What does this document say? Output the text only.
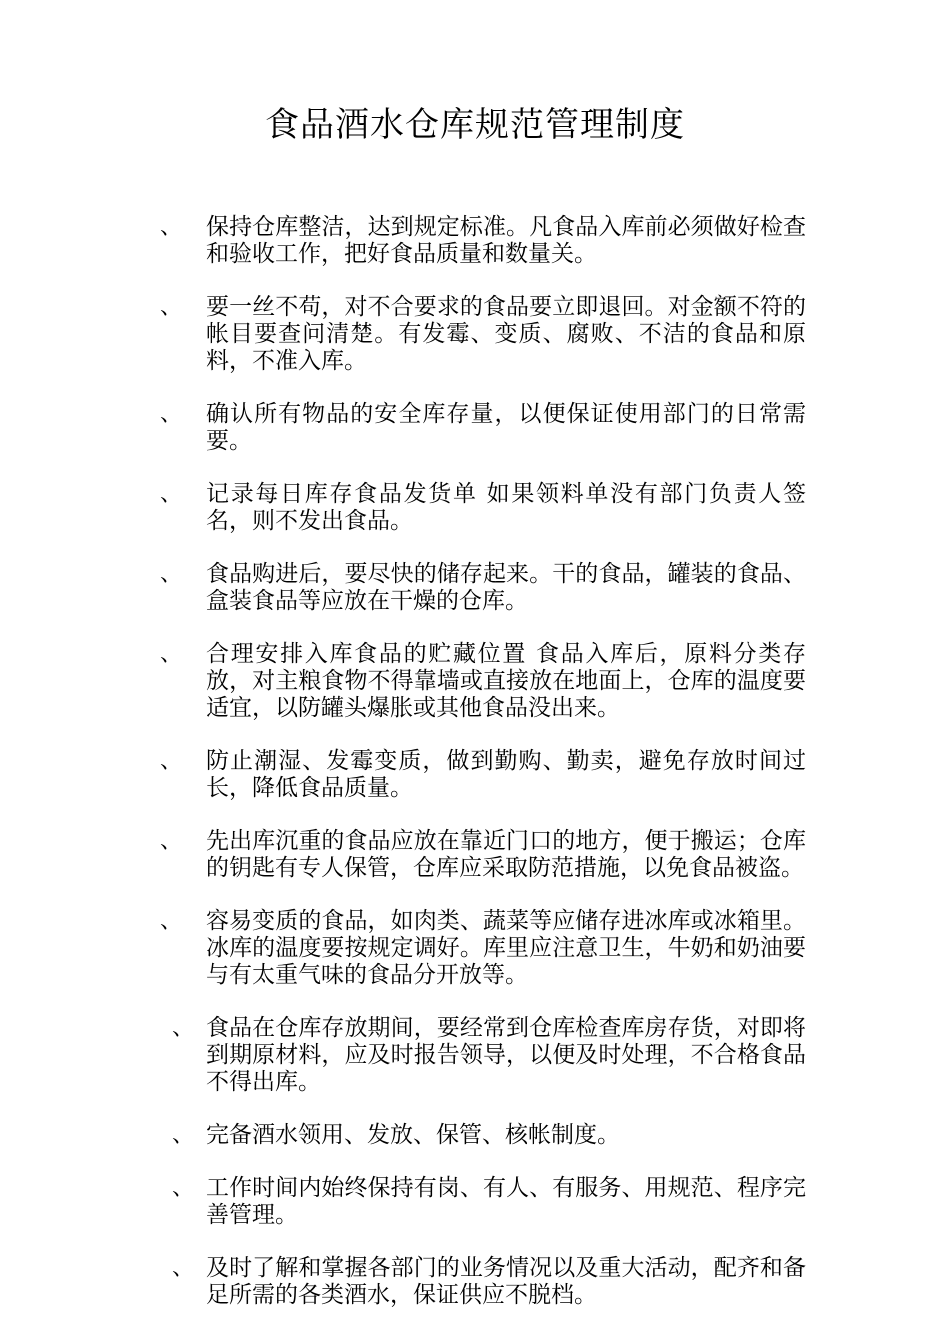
食品酒水仓库规范管理制度
、 保持仓库整洁，达到规定标准。凡食品入库前必须做好检查和验收工作，把好食品质量和数量关。
、 要一丝不苟，对不合要求的食品要立即退回。对金额不符的帐目要查问清楚。有发霉、变质、腐败、不洁的食品和原料，不准入库。
、 确认所有物品的安全库存量，以便保证使用部门的日常需要。
、 记录每日库存食品发货单 如果领料单没有部门负责人签名，则不发出食品。
、 食品购进后，要尽快的储存起来。干的食品，罐装的食品、盒装食品等应放在干燥的仓库。
、 合理安排入库食品的贮藏位置 食品入库后，原料分类存放，对主粮食物不得靠墙或直接放在地面上，仓库的温度要适宜，以防罐头爆胀或其他食品没出来。
、 防止潮湿、发霉变质，做到勤购、勤卖，避免存放时间过长，降低食品质量。
、 先出库沉重的食品应放在靠近门口的地方，便于搬运；仓库的钥匙有专人保管，仓库应采取防范措施，以免食品被盗。
、 容易变质的食品，如肉类、蔬菜等应储存进冰库或冰箱里。冰库的温度要按规定调好。库里应注意卫生，牛奶和奶油要与有太重气味的食品分开放等。
、 食品在仓库存放期间，要经常到仓库检查库房存货，对即将到期原材料，应及时报告领导，以便及时处理，不合格食品不得出库。
、 完备酒水领用、发放、保管、核帐制度。
、 工作时间内始终保持有岗、有人、有服务、用规范、程序完善管理。
、 及时了解和掌握各部门的业务情况以及重大活动，配齐和备足所需的各类酒水，保证供应不脱档。
